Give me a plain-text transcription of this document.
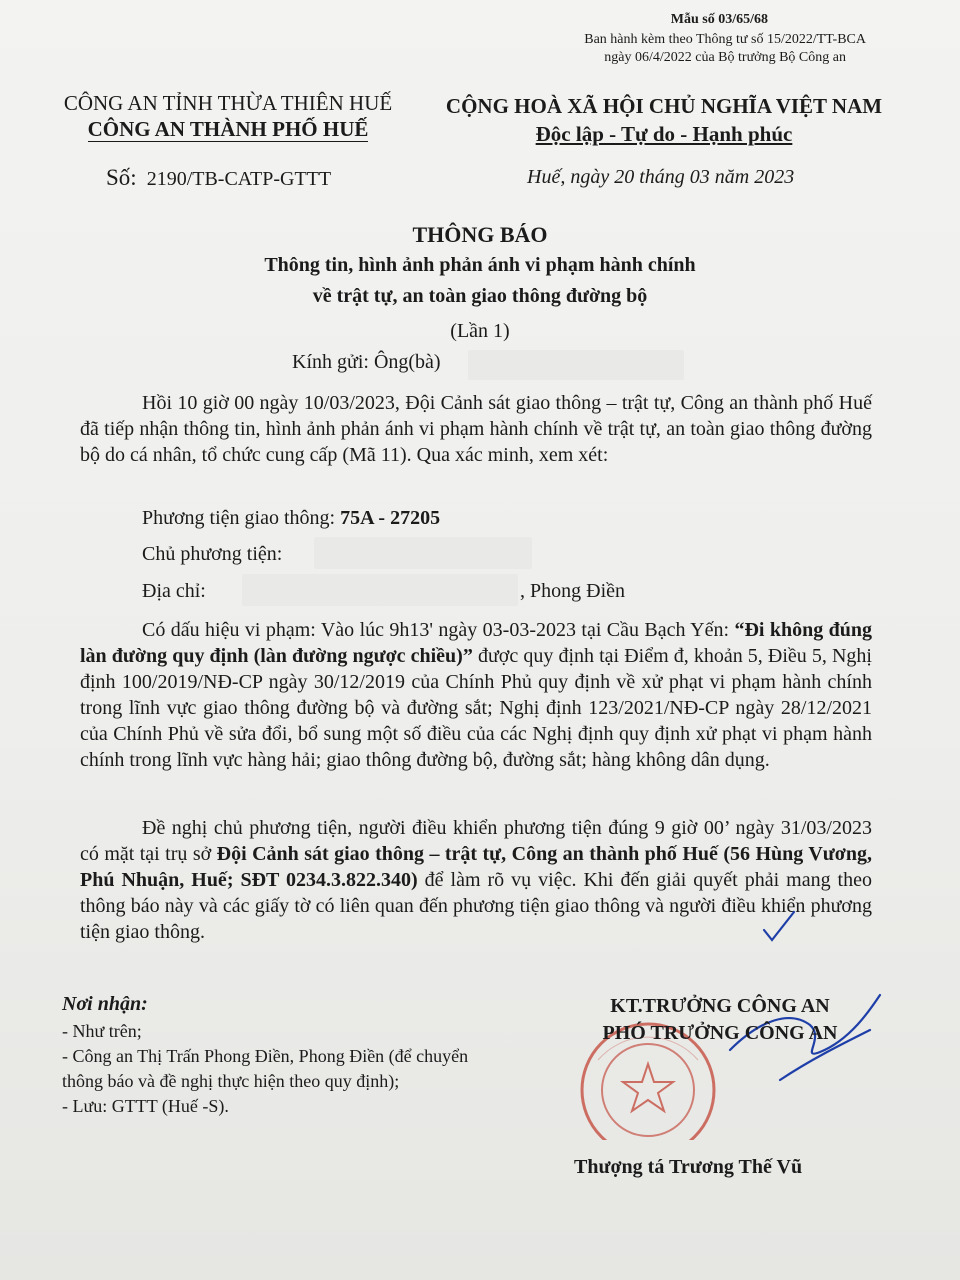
Mẫu số 03/65/68
Ban hành kèm theo Thông tư số 15/2022/TT-BCA
ngày 06/4/2022 của Bộ trưởng Bộ Công an
CÔNG AN TỈNH THỪA THIÊN HUẾ
CÔNG AN THÀNH PHỐ HUẾ
CỘNG HOÀ XÃ HỘI CHỦ NGHĨA VIỆT NAM
Độc lập - Tự do - Hạnh phúc
Số: 2190/TB-CATP-GTTT	Huế, ngày 20 tháng 03 năm 2023
THÔNG BÁO
Thông tin, hình ảnh phản ánh vi phạm hành chính
về trật tự, an toàn giao thông đường bộ
(Lần 1)
Kính gửi: Ông(bà)
Hồi 10 giờ 00 ngày 10/03/2023, Đội Cảnh sát giao thông – trật tự, Công an thành phố Huế đã tiếp nhận thông tin, hình ảnh phản ánh vi phạm hành chính về trật tự, an toàn giao thông đường bộ do cá nhân, tổ chức cung cấp (Mã 11). Qua xác minh, xem xét:
Phương tiện giao thông: 75A - 27205
Chủ phương tiện:
Địa chỉ:	, Phong Điền
Có dấu hiệu vi phạm: Vào lúc 9h13' ngày 03-03-2023 tại Cầu Bạch Yến: “Đi không đúng làn đường quy định (làn đường ngược chiều)” được quy định tại Điểm đ, khoản 5, Điều 5, Nghị định 100/2019/NĐ-CP ngày 30/12/2019 của Chính Phủ quy định về xử phạt vi phạm hành chính trong lĩnh vực giao thông đường bộ và đường sắt; Nghị định 123/2021/NĐ-CP ngày 28/12/2021 của Chính Phủ về sửa đổi, bổ sung một số điều của các Nghị định quy định xử phạt vi phạm hành chính trong lĩnh vực hàng hải; giao thông đường bộ, đường sắt; hàng không dân dụng.
Đề nghị chủ phương tiện, người điều khiển phương tiện đúng 9 giờ 00’ ngày 31/03/2023 có mặt tại trụ sở Đội Cảnh sát giao thông – trật tự, Công an thành phố Huế (56 Hùng Vương, Phú Nhuận, Huế; SĐT 0234.3.822.340) để làm rõ vụ việc. Khi đến giải quyết phải mang theo thông báo này và các giấy tờ có liên quan đến phương tiện giao thông và người điều khiển phương tiện giao thông.
Nơi nhận:
- Như trên;
- Công an Thị Trấn Phong Điền, Phong Điền (để chuyển thông báo và đề nghị thực hiện theo quy định);
- Lưu: GTTT (Huế -S).
KT.TRƯỞNG CÔNG AN
PHÓ TRƯỞNG CÔNG AN
Thượng tá Trương Thế Vũ
